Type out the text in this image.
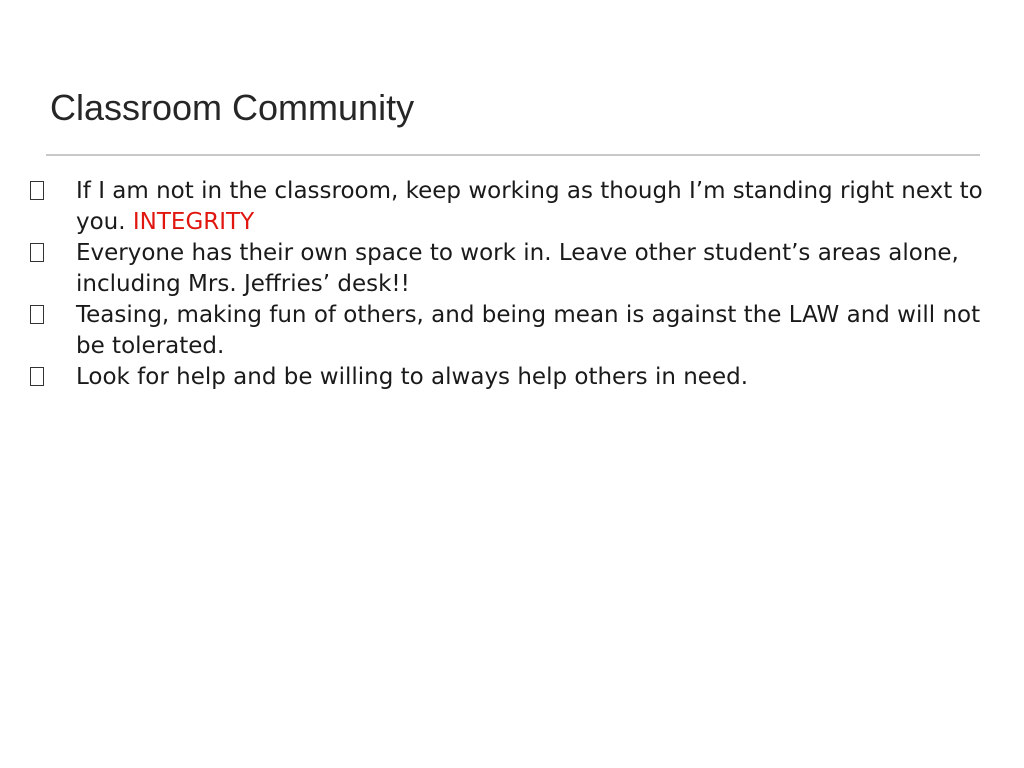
Classroom Community
If I am not in the classroom, keep working as though I’m standing right next to you. INTEGRITY
Everyone has their own space to work in. Leave other student’s areas alone, including Mrs. Jeffries’ desk!!
Teasing, making fun of others, and being mean is against the LAW and will not be tolerated.
Look for help and be willing to always help others in need.
